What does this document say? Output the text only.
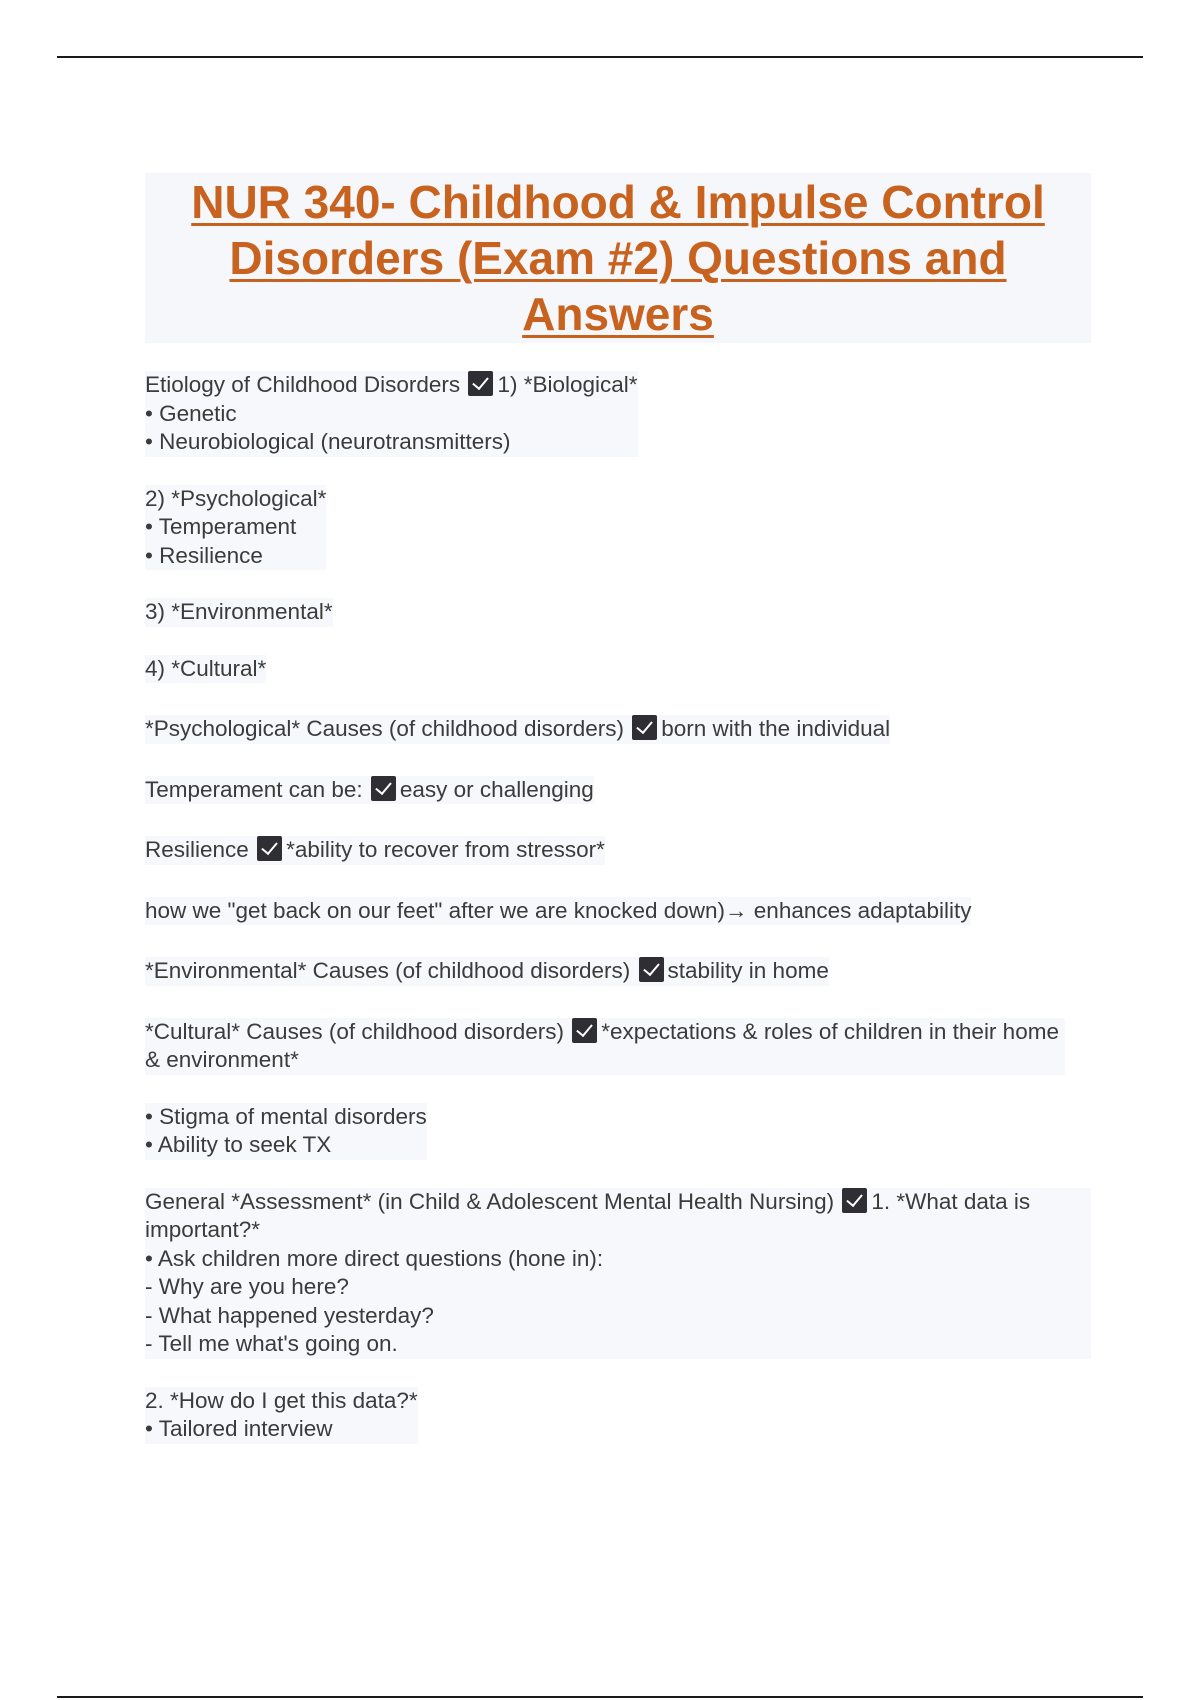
NUR 340- Childhood & Impulse Control Disorders (Exam #2) Questions and Answers
Etiology of Childhood Disorders 1) *Biological*
• Genetic
• Neurobiological (neurotransmitters)
2) *Psychological*
• Temperament
• Resilience
3) *Environmental*
4) *Cultural*
*Psychological* Causes (of childhood disorders) born with the individual
Temperament can be: easy or challenging
Resilience *ability to recover from stressor*
how we "get back on our feet" after we are knocked down)→ enhances adaptability
*Environmental* Causes (of childhood disorders) stability in home
*Cultural* Causes (of childhood disorders) *expectations & roles of children in their home & environment*
• Stigma of mental disorders
• Ability to seek TX
General *Assessment* (in Child & Adolescent Mental Health Nursing) 1. *What data is important?*
• Ask children more direct questions (hone in):
- Why are you here?
- What happened yesterday?
- Tell me what's going on.
2. *How do I get this data?*
• Tailored interview
